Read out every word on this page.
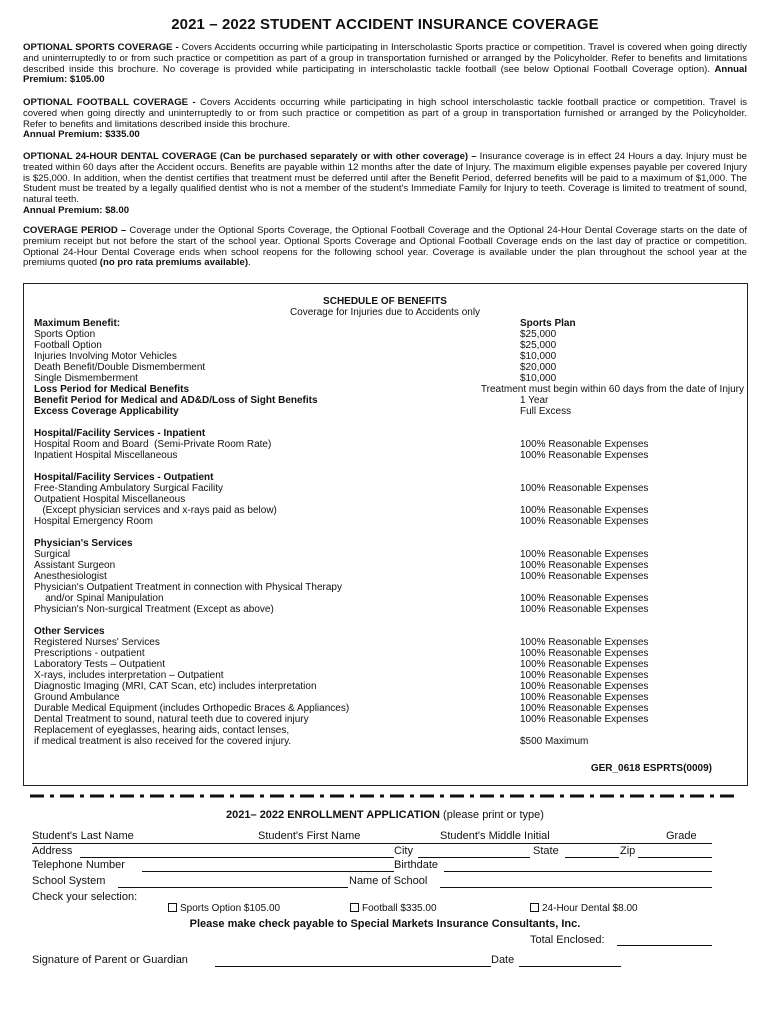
2021 – 2022 STUDENT ACCIDENT INSURANCE COVERAGE

OPTIONAL SPORTS COVERAGE - Covers Accidents occurring while participating in Interscholastic Sports practice or competition. Travel is covered when going directly and uninterruptedly to or from such practice or competition as part of a group in transportation furnished or arranged by the Policyholder. Refer to benefits and limitations described inside this brochure. No coverage is provided while participating in interscholastic tackle football (see below Optional Football Coverage option). Annual Premium: $105.00

OPTIONAL FOOTBALL COVERAGE - Covers Accidents occurring while participating in high school interscholastic tackle football practice or competition. Travel is covered when going directly and uninterruptedly to or from such practice or competition as part of a group in transportation furnished or arranged by the Policyholder. Refer to benefits and limitations described inside this brochure.
Annual Premium: $335.00

OPTIONAL 24-HOUR DENTAL COVERAGE (Can be purchased separately or with other coverage) – Insurance coverage is in effect 24 Hours a day. Injury must be treated within 60 days after the Accident occurs. Benefits are payable within 12 months after the date of Injury. The maximum eligible expenses payable per covered Injury is $25,000. In addition, when the dentist certifies that treatment must be deferred until after the Benefit Period, deferred benefits will be paid to a maximum of $1,000. The Student must be treated by a legally qualified dentist who is not a member of the student's Immediate Family for Injury to teeth. Coverage is limited to treatment of sound, natural teeth.
Annual Premium: $8.00

COVERAGE PERIOD – Coverage under the Optional Sports Coverage, the Optional Football Coverage and the Optional 24-Hour Dental Coverage starts on the date of premium receipt but not before the start of the school year. Optional Sports Coverage and Optional Football Coverage ends on the last day of practice or competition. Optional 24-Hour Dental Coverage ends when school reopens for the following school year. Coverage is available under the plan throughout the school year at the premiums quoted (no pro rata premiums available).

SCHEDULE OF BENEFITS
Coverage for Injuries due to Accidents only
Maximum Benefit:	Sports Plan
Sports Option	$25,000
Football Option	$25,000
Injuries Involving Motor Vehicles	$10,000
Death Benefit/Double Dismemberment	$20,000
Single Dismemberment	$10,000
Loss Period for Medical Benefits	Treatment must begin within 60 days from the date of Injury
Benefit Period for Medical and AD&D/Loss of Sight Benefits	1 Year
Excess Coverage Applicability	Full Excess
Hospital/Facility Services - Inpatient
Hospital Room and Board  (Semi-Private Room Rate)	100% Reasonable Expenses
Inpatient Hospital Miscellaneous	100% Reasonable Expenses
Hospital/Facility Services - Outpatient
Free-Standing Ambulatory Surgical Facility	100% Reasonable Expenses
Outpatient Hospital Miscellaneous
(Except physician services and x-rays paid as below)	100% Reasonable Expenses
Hospital Emergency Room	100% Reasonable Expenses
Physician's Services
Surgical	100% Reasonable Expenses
Assistant Surgeon	100% Reasonable Expenses
Anesthesiologist	100% Reasonable Expenses
Physician's Outpatient Treatment in connection with Physical Therapy
and/or Spinal Manipulation	100% Reasonable Expenses
Physician's Non-surgical Treatment (Except as above)	100% Reasonable Expenses
Other Services
Registered Nurses' Services	100% Reasonable Expenses
Prescriptions - outpatient	100% Reasonable Expenses
Laboratory Tests – Outpatient	100% Reasonable Expenses
X-rays, includes interpretation – Outpatient	100% Reasonable Expenses
Diagnostic Imaging (MRI, CAT Scan, etc) includes interpretation	100% Reasonable Expenses
Ground Ambulance	100% Reasonable Expenses
Durable Medical Equipment (includes Orthopedic Braces & Appliances)	100% Reasonable Expenses
Dental Treatment to sound, natural teeth due to covered injury	100% Reasonable Expenses
Replacement of eyeglasses, hearing aids, contact lenses,
if medical treatment is also received for the covered injury.	$500 Maximum
GER_0618 ESPRTS(0009)
2021– 2022 ENROLLMENT APPLICATION (please print or type)
Student's Last Name	Student's First Name	Student's Middle Initial	Grade
Address	City	State	Zip
Telephone Number	Birthdate
School System	Name of School
Check your selection:
Sports Option $105.00	Football $335.00	24-Hour Dental $8.00
Please make check payable to Special Markets Insurance Consultants, Inc.
Total Enclosed:
Signature of Parent or Guardian	Date
